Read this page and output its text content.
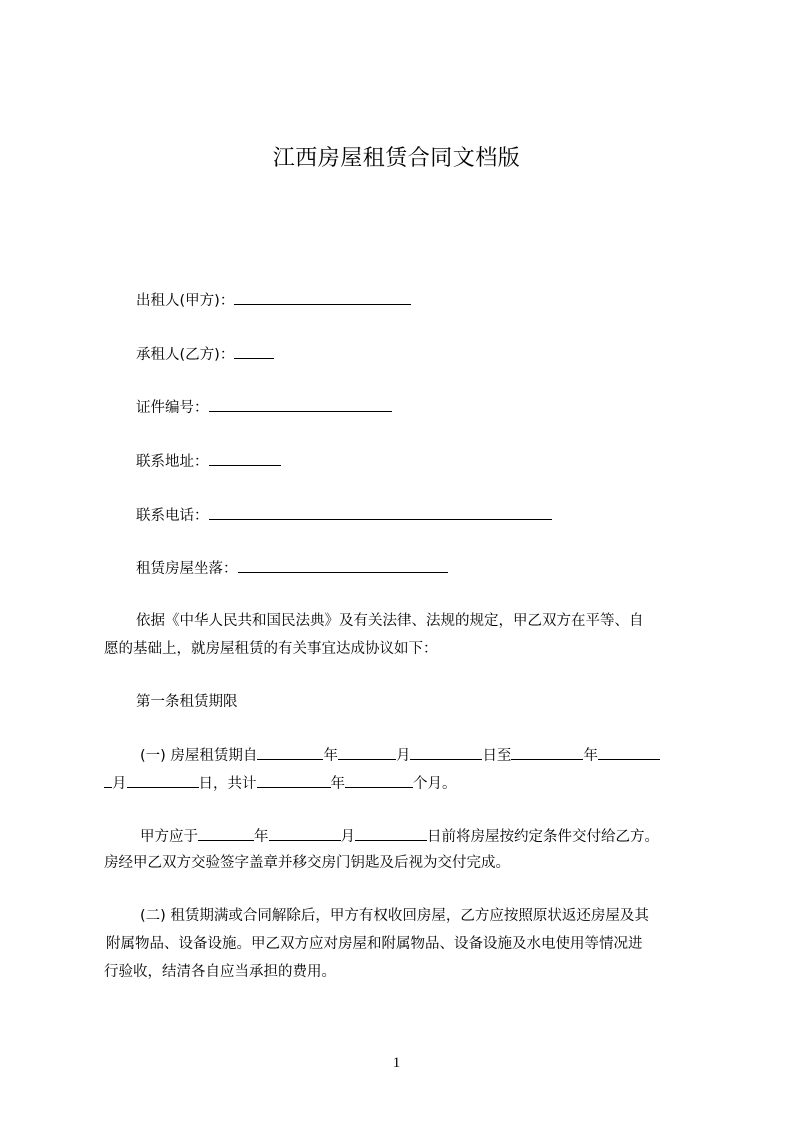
江西房屋租赁合同文档版
出租人(甲方)：
承租人(乙方)：
证件编号：
联系地址：
联系电话：
租赁房屋坐落：
依据《中华人民共和国民法典》及有关法律、法规的规定，甲乙双方在平等、自
愿的基础上，就房屋租赁的有关事宜达成协议如下：
第一条租赁期限
(一) 房屋租赁期自	年	月	日至	年
月	日，共计	年	个月。
甲方应于	年	月	日前将房屋按约定条件交付给乙方。
房经甲乙双方交验签字盖章并移交房门钥匙及后视为交付完成。
(二) 租赁期满或合同解除后，甲方有权收回房屋，乙方应按照原状返还房屋及其
附属物品、设备设施。甲乙双方应对房屋和附属物品、设备设施及水电使用等情况进
行验收，结清各自应当承担的费用。
1
